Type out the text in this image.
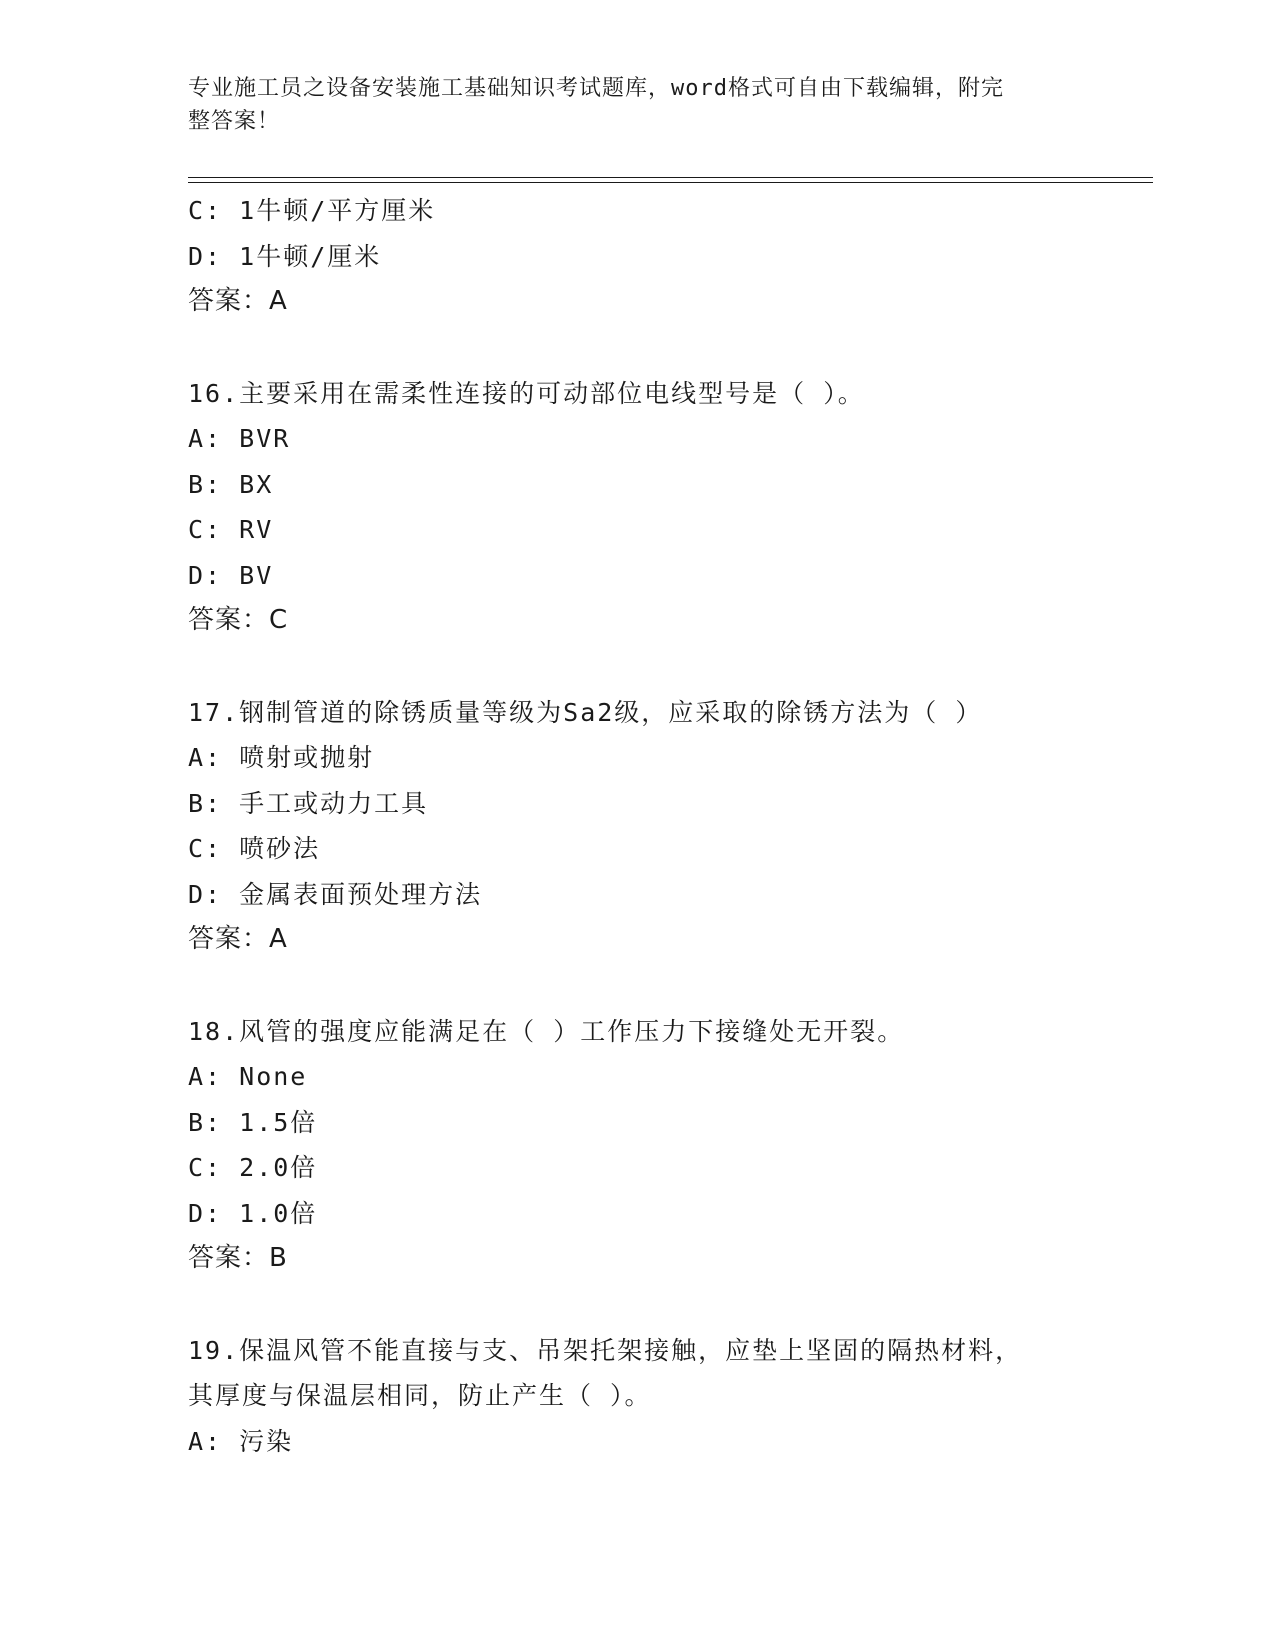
专业施工员之设备安装施工基础知识考试题库，word格式可自由下载编辑，附完
整答案！
C: 1牛顿/平方厘米
D: 1牛顿/厘米
答案：A
16.主要采用在需柔性连接的可动部位电线型号是（ ）。
A: BVR
B: BX
C: RV
D: BV
答案：C
17.钢制管道的除锈质量等级为Sa2级，应采取的除锈方法为（ ）
A: 喷射或抛射
B: 手工或动力工具
C: 喷砂法
D: 金属表面预处理方法
答案：A
18.风管的强度应能满足在（ ）工作压力下接缝处无开裂。
A: None
B: 1.5倍
C: 2.0倍
D: 1.0倍
答案：B
19.保温风管不能直接与支、吊架托架接触，应垫上坚固的隔热材料，
其厚度与保温层相同，防止产生（ ）。
A: 污染
